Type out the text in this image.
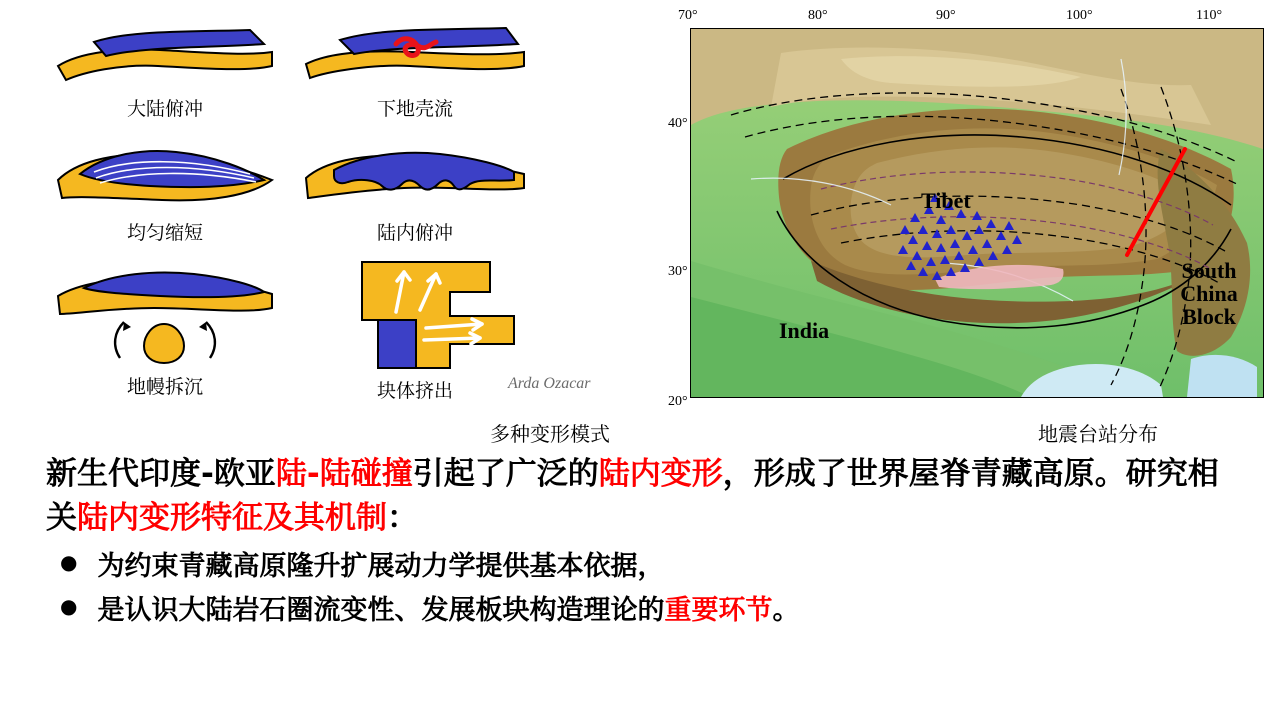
大陆俯冲	下地壳流
均匀缩短	陆内俯冲
地幔拆沉	块体挤出	Arda Ozacar
多种变形模式
70°	80°	90°	100°	110°
40°
30°
20°
Tibet
India
South
China
Block
地震台站分布
新生代印度-欧亚陆-陆碰撞引起了广泛的陆内变形，形成了世界屋脊青藏高原。研究相关陆内变形特征及其机制：
● 为约束青藏高原隆升扩展动力学提供基本依据，
● 是认识大陆岩石圈流变性、发展板块构造理论的重要环节。
